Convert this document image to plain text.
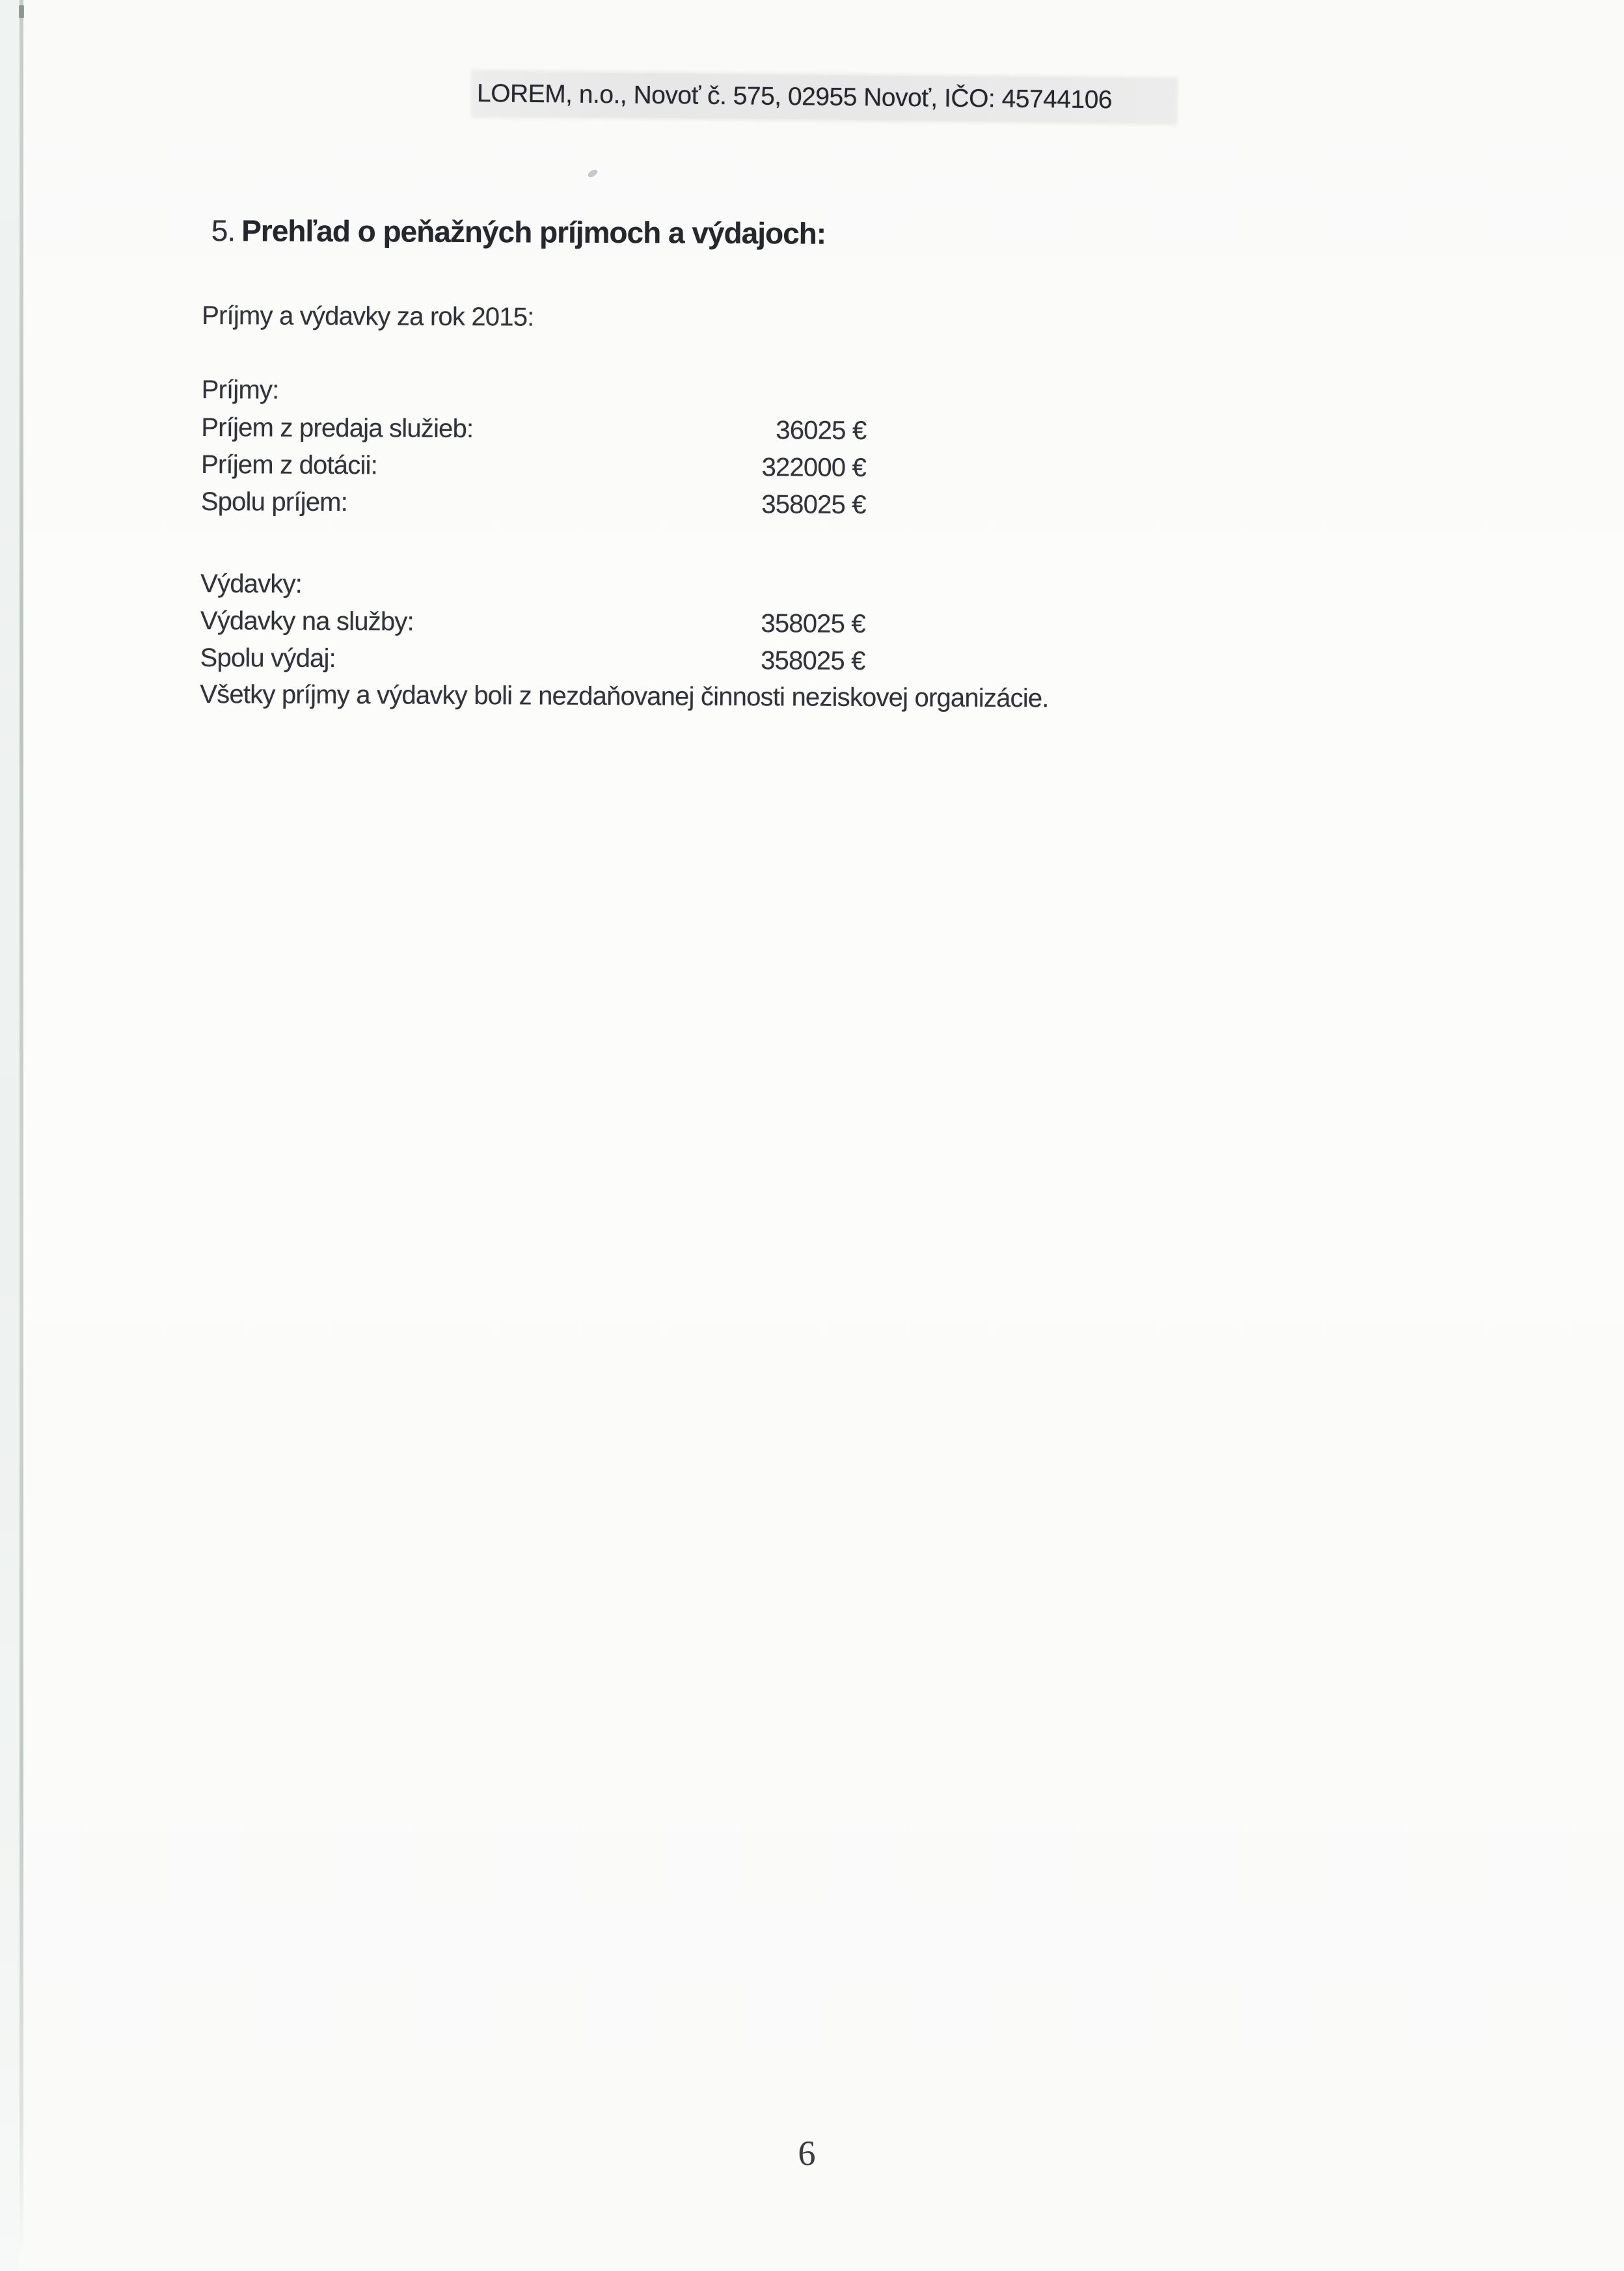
LOREM, n.o., Novoť č. 575, 02955 Novoť, IČO: 45744106
5. Prehľad o peňažných príjmoch a výdajoch:
Príjmy a výdavky za rok 2015:
Príjmy:
Príjem z predaja služieb:	36025 €
Príjem z dotácii:	322000 €
Spolu príjem:	358025 €
Výdavky:
Výdavky na služby:	358025 €
Spolu výdaj:	358025 €
Všetky príjmy a výdavky boli z nezdaňovanej činnosti neziskovej organizácie.
6
